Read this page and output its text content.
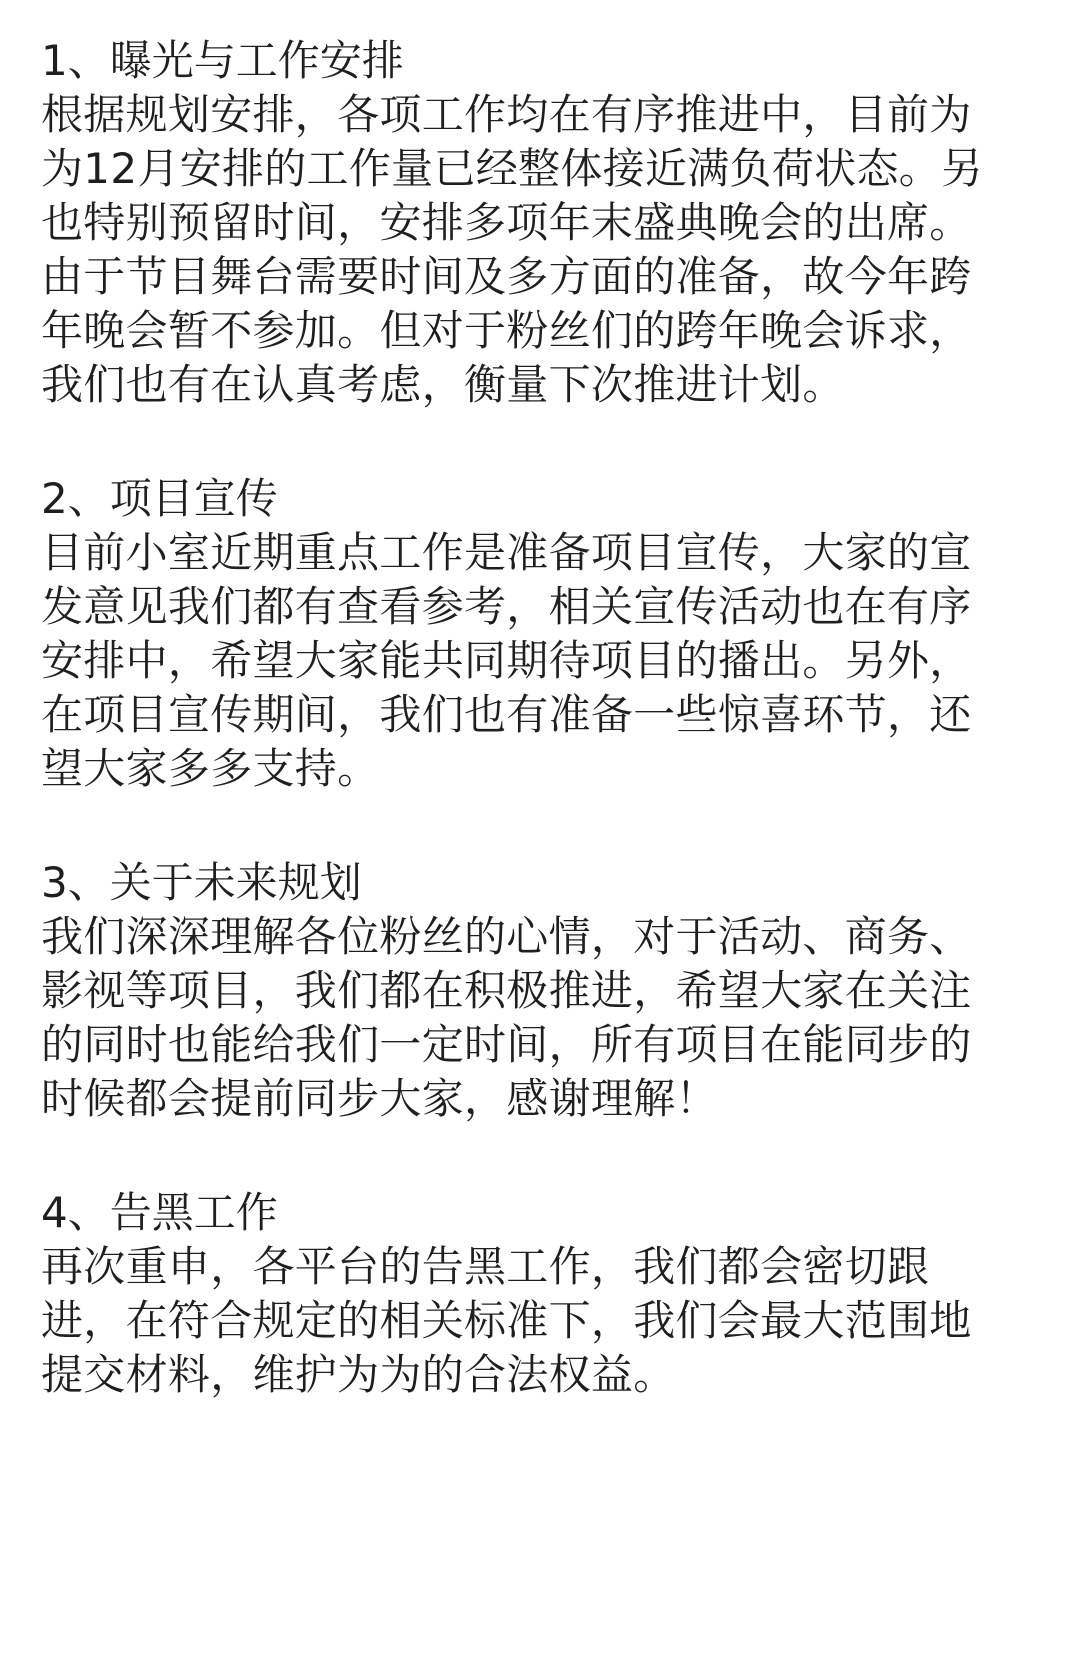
1、曝光与工作安排

根据规划安排，各项工作均在有序推进中，目前为

为12月安排的工作量已经整体接近满负荷状态。另

也特别预留时间，安排多项年末盛典晚会的出席。

由于节目舞台需要时间及多方面的准备，故今年跨

年晚会暂不参加。但对于粉丝们的跨年晚会诉求，

我们也有在认真考虑，衡量下次推进计划。

2、项目宣传

目前小室近期重点工作是准备项目宣传，大家的宣

发意见我们都有查看参考，相关宣传活动也在有序

安排中，希望大家能共同期待项目的播出。另外，

在项目宣传期间，我们也有准备一些惊喜环节，还

望大家多多支持。

3、关于未来规划

我们深深理解各位粉丝的心情，对于活动、商务、

影视等项目，我们都在积极推进，希望大家在关注

的同时也能给我们一定时间，所有项目在能同步的

时候都会提前同步大家，感谢理解！

4、告黑工作

再次重申，各平台的告黑工作，我们都会密切跟

进，在符合规定的相关标准下，我们会最大范围地

提交材料，维护为为的合法权益。
